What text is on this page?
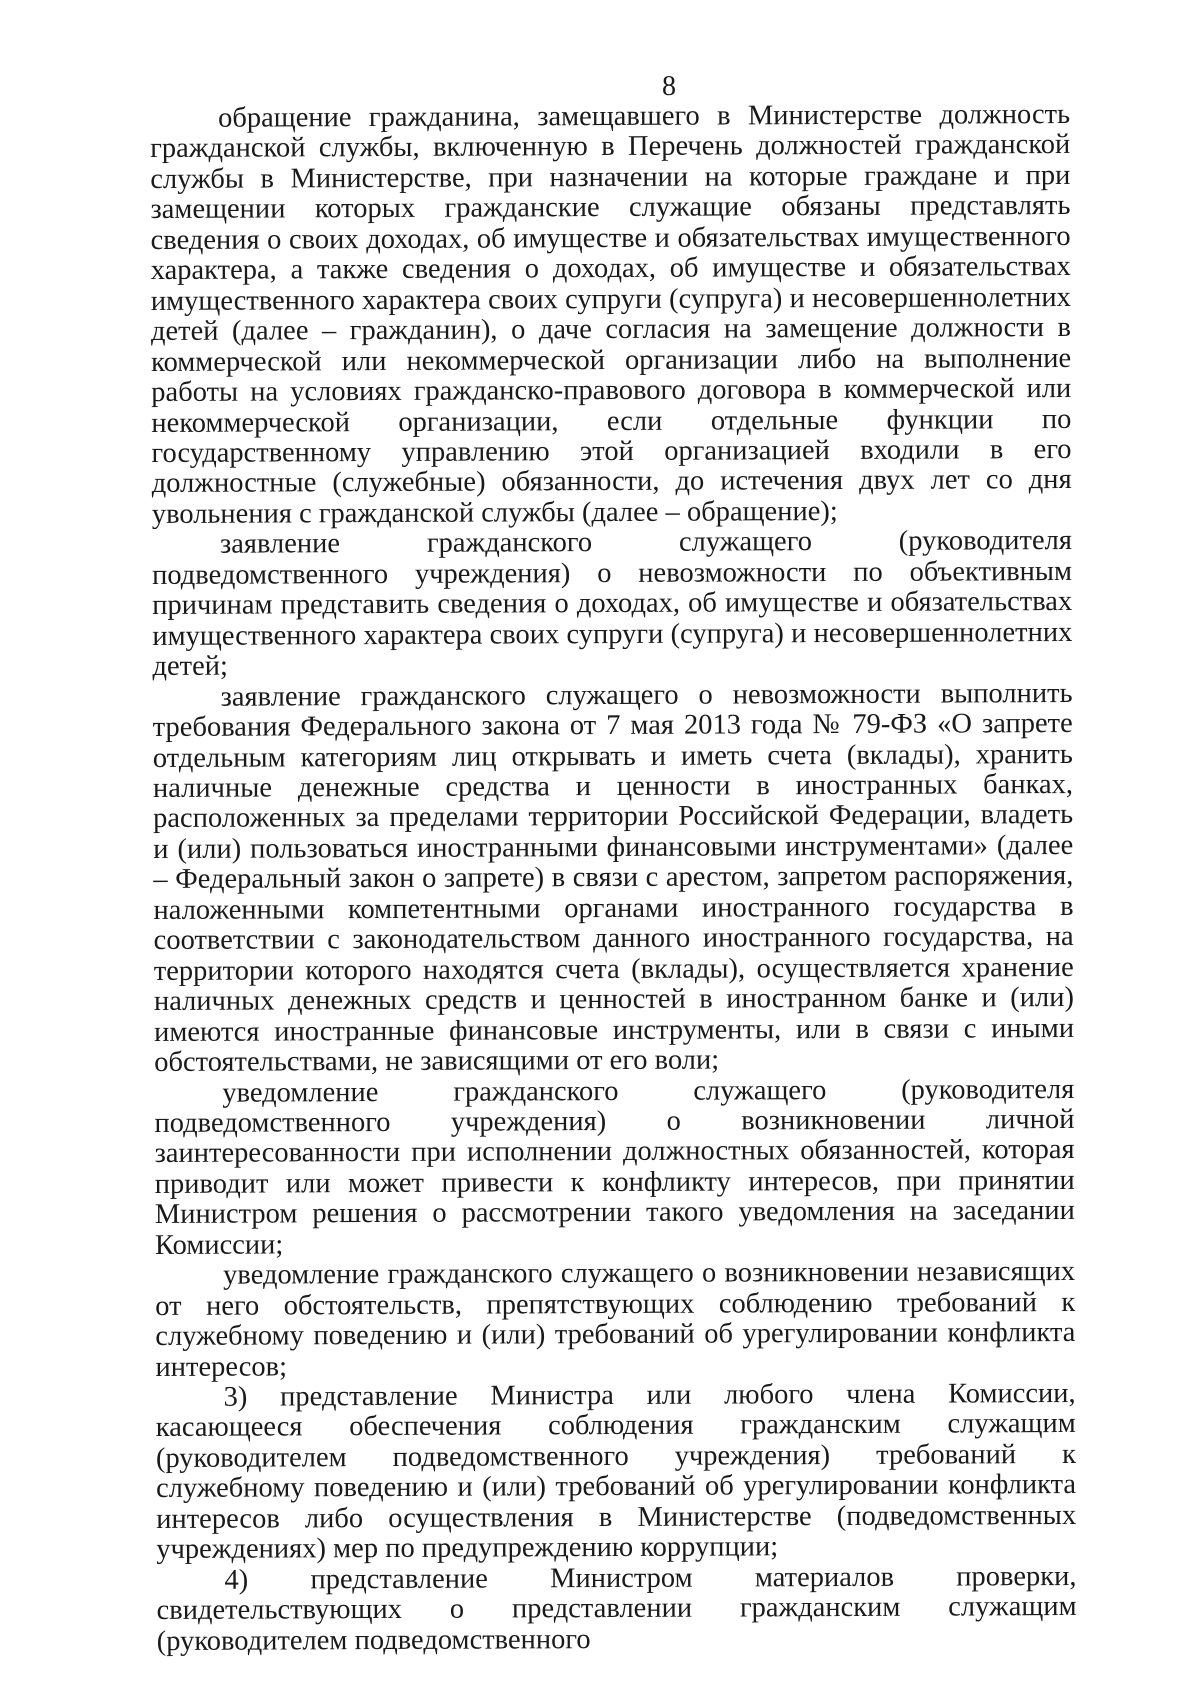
8

обращение гражданина, замещавшего в Министерстве должность гражданской службы, включенную в Перечень должностей гражданской службы в Министерстве, при назначении на которые граждане и при замещении которых гражданские служащие обязаны представлять сведения о своих доходах, об имуществе и обязательствах имущественного характера, а также сведения о доходах, об имуществе и обязательствах имущественного характера своих супруги (супруга) и несовершеннолетних детей (далее – гражданин), о даче согласия на замещение должности в коммерческой или некоммерческой организации либо на выполнение работы на условиях гражданско-правового договора в коммерческой или некоммерческой организации, если отдельные функции по государственному управлению этой организацией входили в его должностные (служебные) обязанности, до истечения двух лет со дня увольнения с гражданской службы (далее – обращение);

заявление гражданского служащего (руководителя подведомственного учреждения) о невозможности по объективным причинам представить сведения о доходах, об имуществе и обязательствах имущественного характера своих супруги (супруга) и несовершеннолетних детей;

заявление гражданского служащего о невозможности выполнить требования Федерального закона от 7 мая 2013 года № 79-ФЗ «О запрете отдельным категориям лиц открывать и иметь счета (вклады), хранить наличные денежные средства и ценности в иностранных банках, расположенных за пределами территории Российской Федерации, владеть и (или) пользоваться иностранными финансовыми инструментами» (далее – Федеральный закон о запрете) в связи с арестом, запретом распоряжения, наложенными компетентными органами иностранного государства в соответствии с законодательством данного иностранного государства, на территории которого находятся счета (вклады), осуществляется хранение наличных денежных средств и ценностей в иностранном банке и (или) имеются иностранные финансовые инструменты, или в связи с иными обстоятельствами, не зависящими от его воли;

уведомление гражданского служащего (руководителя подведомственного учреждения) о возникновении личной заинтересованности при исполнении должностных обязанностей, которая приводит или может привести к конфликту интересов, при принятии Министром решения о рассмотрении такого уведомления на заседании Комиссии;

уведомление гражданского служащего о возникновении независящих от него обстоятельств, препятствующих соблюдению требований к служебному поведению и (или) требований об урегулировании конфликта интересов;

3) представление Министра или любого члена Комиссии, касающееся обеспечения соблюдения гражданским служащим (руководителем подведомственного учреждения) требований к служебному поведению и (или) требований об урегулировании конфликта интересов либо осуществления в Министерстве (подведомственных учреждениях) мер по предупреждению коррупции;

4) представление Министром материалов проверки, свидетельствующих о представлении гражданским служащим (руководителем подведомственного
